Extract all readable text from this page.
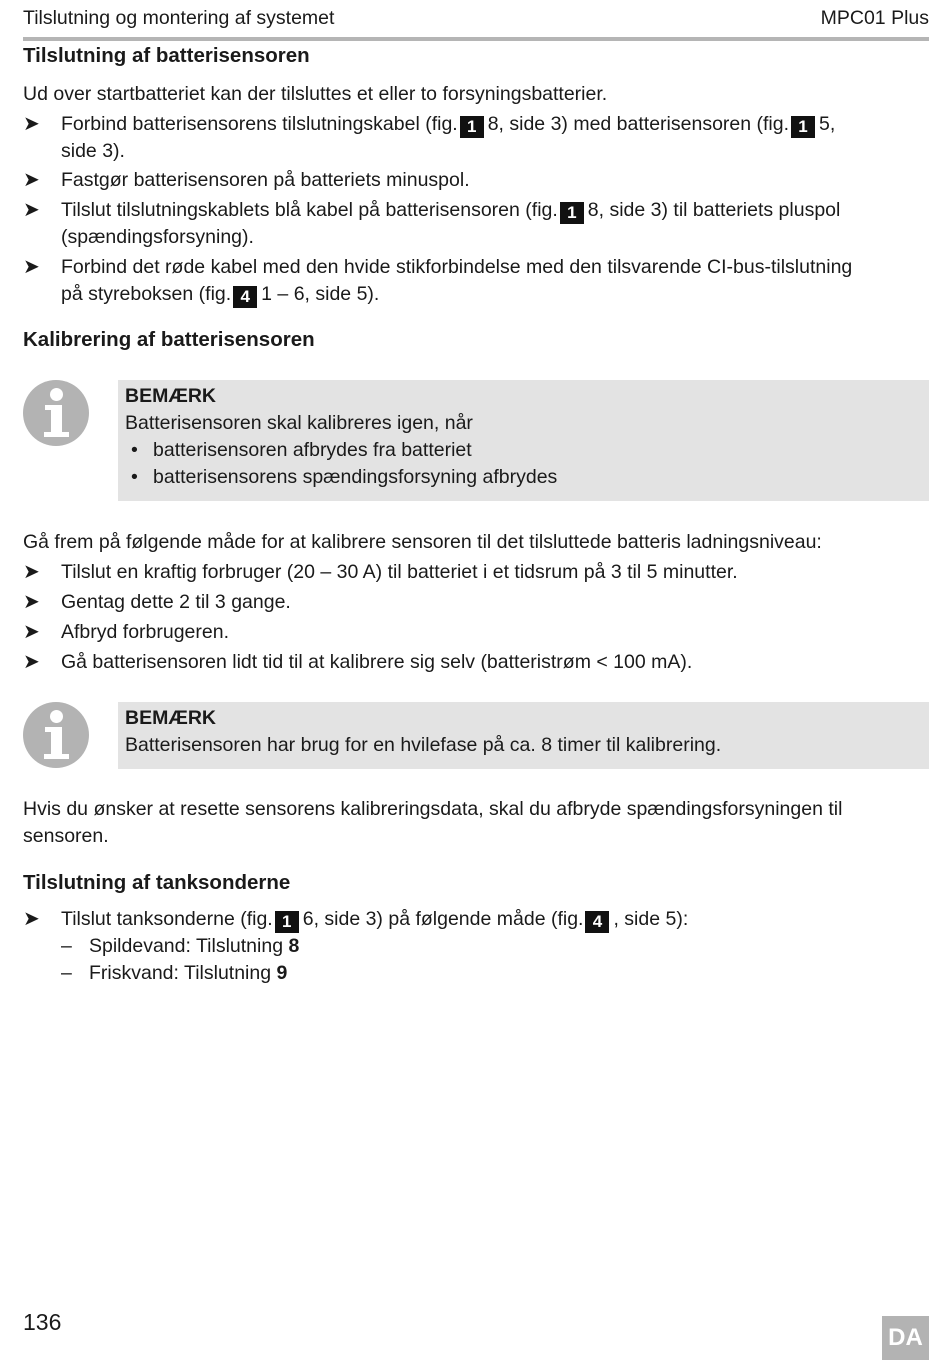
Tilslutning og montering af systemet	MPC01 Plus
Tilslutning af batterisensoren
Ud over startbatteriet kan der tilsluttes et eller to forsyningsbatterier.
➤ Forbind batterisensorens tilslutningskabel (fig. 1 8, side 3) med batterisensoren (fig. 1 5,
side 3).
➤ Fastgør batterisensoren på batteriets minuspol.
➤ Tilslut tilslutningskablets blå kabel på batterisensoren (fig. 1 8, side 3) til batteriets pluspol
(spændingsforsyning).
➤ Forbind det røde kabel med den hvide stikforbindelse med den tilsvarende CI-bus-tilslutning
på styreboksen (fig. 4 1 – 6, side 5).
Kalibrering af batterisensoren
BEMÆRK
Batterisensoren skal kalibreres igen, når
• batterisensoren afbrydes fra batteriet
• batterisensorens spændingsforsyning afbrydes
Gå frem på følgende måde for at kalibrere sensoren til det tilsluttede batteris ladningsniveau:
➤ Tilslut en kraftig forbruger (20 – 30 A) til batteriet i et tidsrum på 3 til 5 minutter.
➤ Gentag dette 2 til 3 gange.
➤ Afbryd forbrugeren.
➤ Gå batterisensoren lidt tid til at kalibrere sig selv (batteristrøm < 100 mA).
BEMÆRK
Batterisensoren har brug for en hvilefase på ca. 8 timer til kalibrering.
Hvis du ønsker at resette sensorens kalibreringsdata, skal du afbryde spændingsforsyningen til
sensoren.
Tilslutning af tanksonderne
➤ Tilslut tanksonderne (fig. 1 6, side 3) på følgende måde (fig. 4 , side 5):
– Spildevand: Tilslutning 8
– Friskvand: Tilslutning 9
136
DA
